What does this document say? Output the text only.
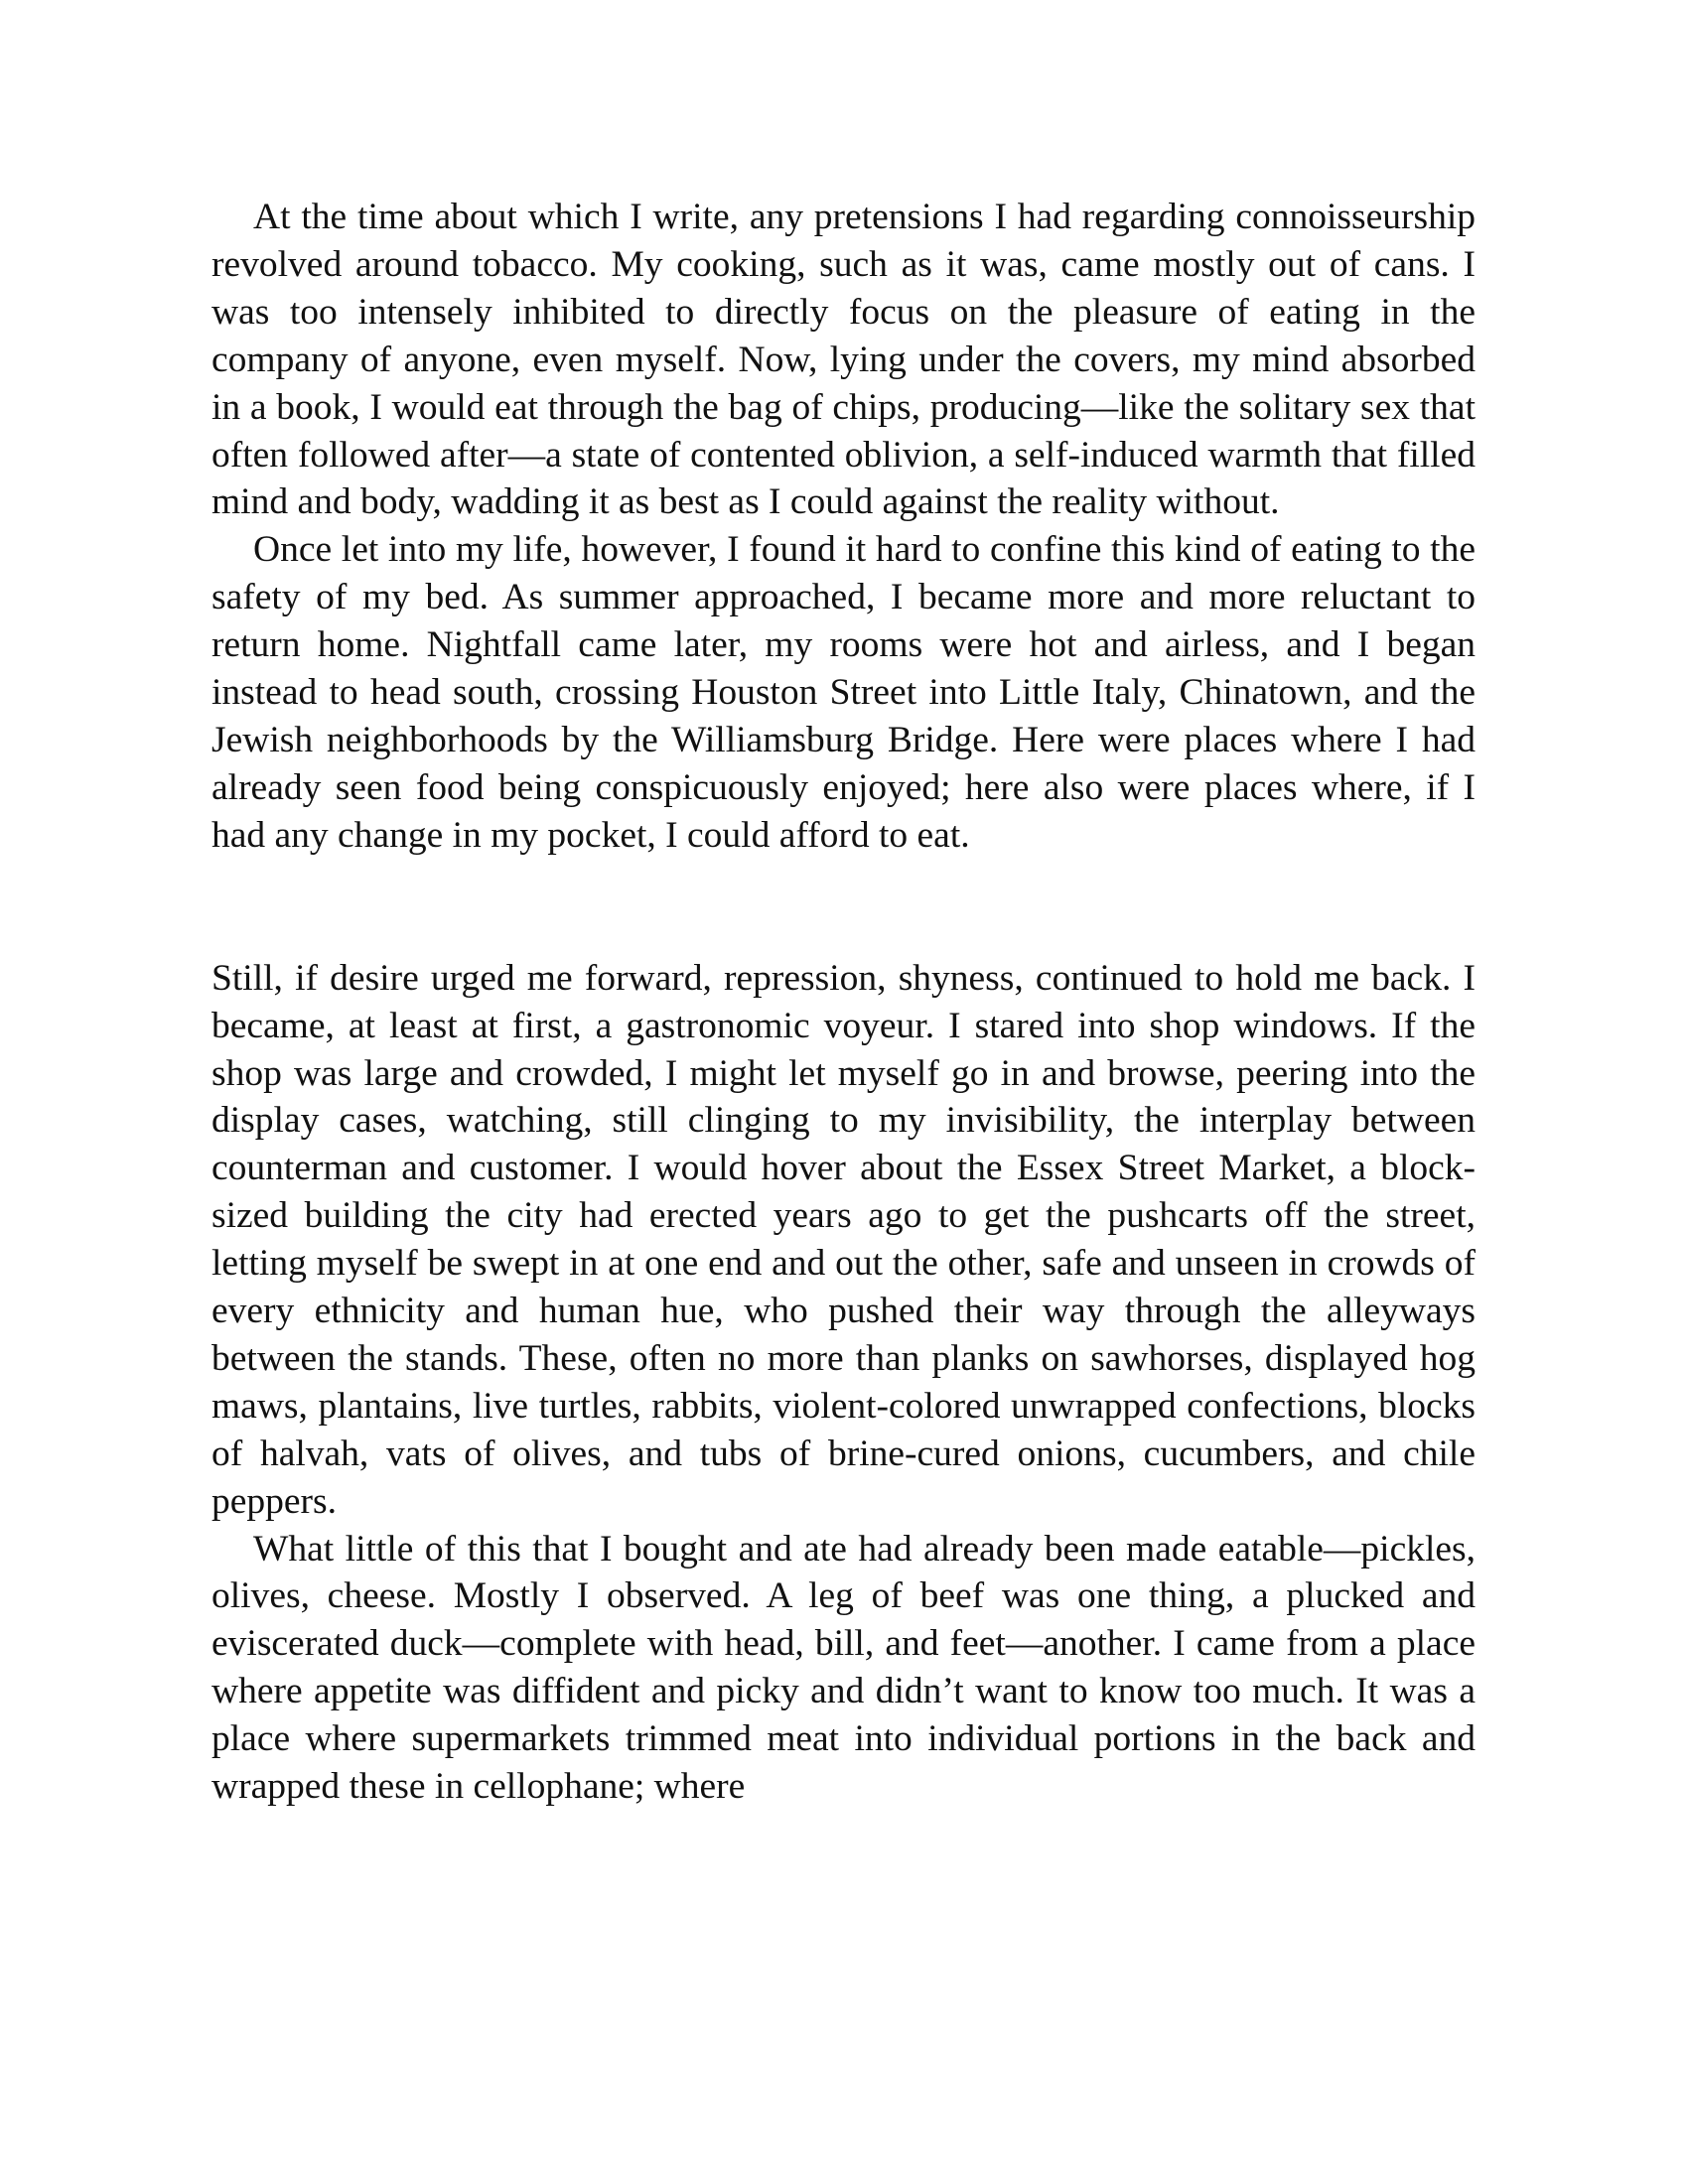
At the time about which I write, any pretensions I had regarding connoisseurship revolved around tobacco. My cooking, such as it was, came mostly out of cans. I was too intensely inhibited to directly focus on the pleasure of eating in the company of anyone, even myself. Now, lying under the covers, my mind absorbed in a book, I would eat through the bag of chips, producing—like the solitary sex that often followed after—a state of contented oblivion, a self-induced warmth that filled mind and body, wadding it as best as I could against the reality without.

Once let into my life, however, I found it hard to confine this kind of eating to the safety of my bed. As summer approached, I became more and more reluctant to return home. Nightfall came later, my rooms were hot and airless, and I began instead to head south, crossing Houston Street into Little Italy, Chinatown, and the Jewish neighborhoods by the Williamsburg Bridge. Here were places where I had already seen food being conspicuously enjoyed; here also were places where, if I had any change in my pocket, I could afford to eat.

Still, if desire urged me forward, repression, shyness, continued to hold me back. I became, at least at first, a gastronomic voyeur. I stared into shop windows. If the shop was large and crowded, I might let myself go in and browse, peering into the display cases, watching, still clinging to my invisibility, the interplay between counterman and customer. I would hover about the Essex Street Market, a block-sized building the city had erected years ago to get the pushcarts off the street, letting myself be swept in at one end and out the other, safe and unseen in crowds of every ethnicity and human hue, who pushed their way through the alleyways between the stands. These, often no more than planks on sawhorses, displayed hog maws, plantains, live turtles, rabbits, violent-colored unwrapped confections, blocks of halvah, vats of olives, and tubs of brine-cured onions, cucumbers, and chile peppers.

What little of this that I bought and ate had already been made eatable—pickles, olives, cheese. Mostly I observed. A leg of beef was one thing, a plucked and eviscerated duck—complete with head, bill, and feet—another. I came from a place where appetite was diffident and picky and didn’t want to know too much. It was a place where supermarkets trimmed meat into individual portions in the back and wrapped these in cellophane; where
